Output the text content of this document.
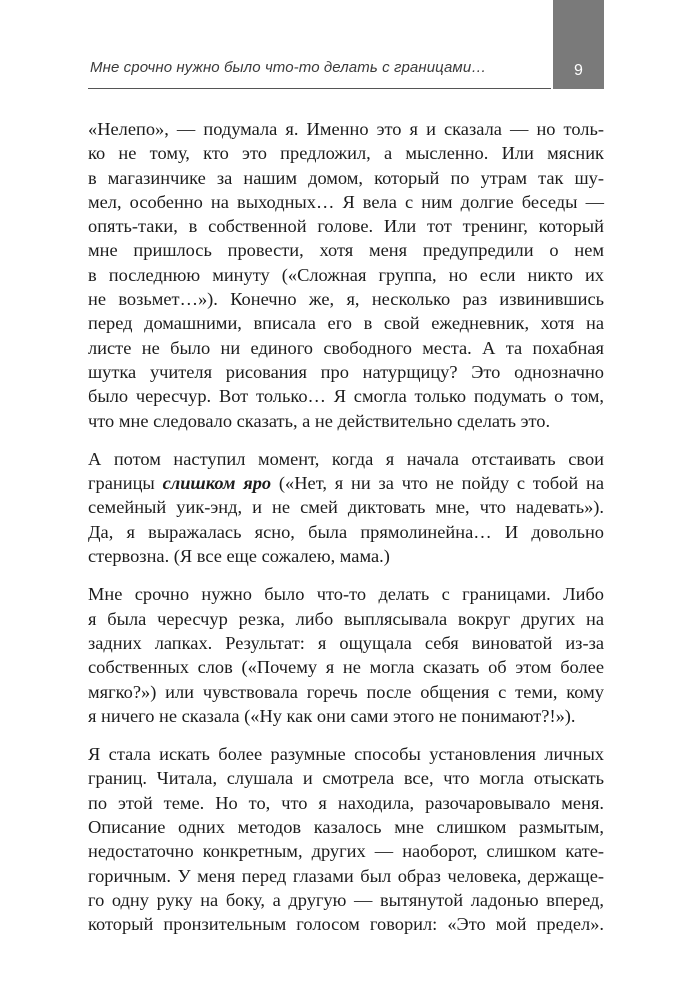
Мне срочно нужно было что-то делать с границами…	9
«Нелепо», — подумала я. Именно это я и сказала — но толь-
ко не тому, кто это предложил, а мысленно. Или мясник
в магазинчике за нашим домом, который по утрам так шу-
мел, особенно на выходных… Я вела с ним долгие беседы —
опять-таки, в собственной голове. Или тот тренинг, который
мне пришлось провести, хотя меня предупредили о нем
в последнюю минуту («Сложная группа, но если никто их
не возьмет…»). Конечно же, я, несколько раз извинившись
перед домашними, вписала его в свой ежедневник, хотя на
листе не было ни единого свободного места. А та похабная
шутка учителя рисования про натурщицу? Это однозначно
было чересчур. Вот только… Я смогла только подумать о том,
что мне следовало сказать, а не действительно сделать это.
А потом наступил момент, когда я начала отстаивать свои
границы слишком яро («Нет, я ни за что не пойду с тобой на
семейный уик-энд, и не смей диктовать мне, что надевать»).
Да, я выражалась ясно, была прямолинейна… И довольно
стервозна. (Я все еще сожалею, мама.)
Мне срочно нужно было что-то делать с границами. Либо
я была чересчур резка, либо выплясывала вокруг других на
задних лапках. Результат: я ощущала себя виноватой из-за
собственных слов («Почему я не могла сказать об этом более
мягко?») или чувствовала горечь после общения с теми, кому
я ничего не сказала («Ну как они сами этого не понимают?!»).
Я стала искать более разумные способы установления личных
границ. Читала, слушала и смотрела все, что могла отыскать
по этой теме. Но то, что я находила, разочаровывало меня.
Описание одних методов казалось мне слишком размытым,
недостаточно конкретным, других — наоборот, слишком кате-
горичным. У меня перед глазами был образ человека, держаще-
го одну руку на боку, а другую — вытянутой ладонью вперед,
который пронзительным голосом говорил: «Это мой предел».
